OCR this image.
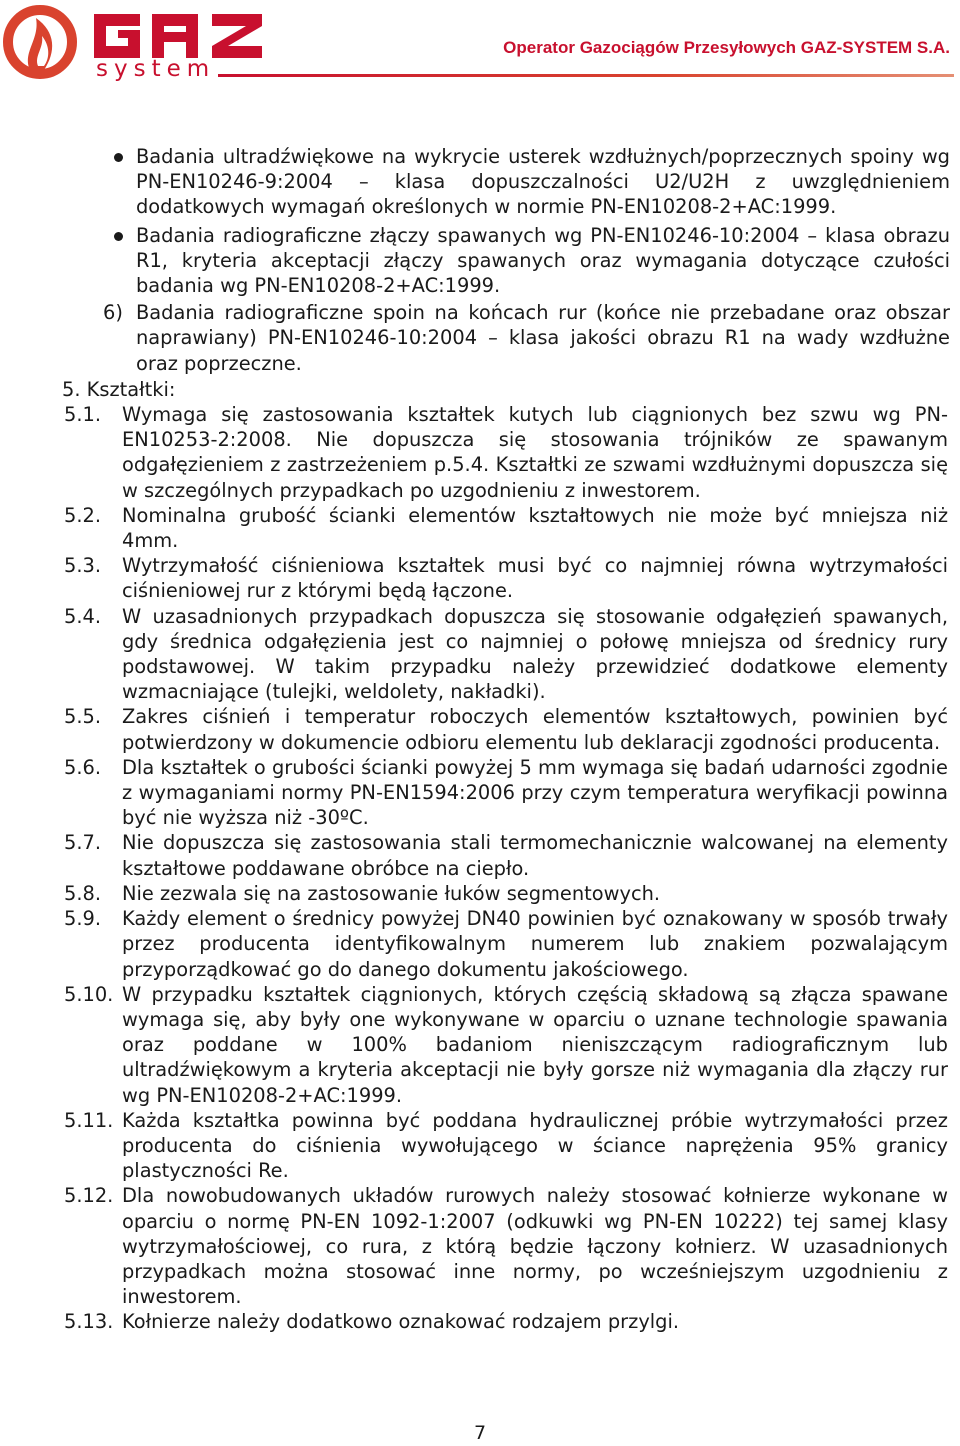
system
Operator Gazociągów Przesyłowych GAZ-SYSTEM S.A.
Badania ultradźwiękowe na wykrycie usterek wzdłużnych/poprzecznych spoiny wg PN-EN10246-9:2004 – klasa dopuszczalności U2/U2H z uwzględnieniem dodatkowych wymagań określonych w normie PN-EN10208-2+AC:1999.
Badania radiograficzne złączy spawanych wg PN-EN10246-10:2004 – klasa obrazu R1, kryteria akceptacji złączy spawanych oraz wymagania dotyczące czułości badania wg PN-EN10208-2+AC:1999.
6) Badania radiograficzne spoin na końcach rur (końce nie przebadane oraz obszar naprawiany) PN-EN10246-10:2004 – klasa jakości obrazu R1 na wady wzdłużne oraz poprzeczne.
5. Kształtki:
5.1. Wymaga się zastosowania kształtek kutych lub ciągnionych bez szwu wg PN-EN10253-2:2008. Nie dopuszcza się stosowania trójników ze spawanym odgałęzieniem z zastrzeżeniem p.5.4. Kształtki ze szwami wzdłużnymi dopuszcza się w szczególnych przypadkach po uzgodnieniu z inwestorem.
5.2. Nominalna grubość ścianki elementów kształtowych nie może być mniejsza niż 4mm.
5.3. Wytrzymałość ciśnieniowa kształtek musi być co najmniej równa wytrzymałości ciśnieniowej rur z którymi będą łączone.
5.4. W uzasadnionych przypadkach dopuszcza się stosowanie odgałęzień spawanych, gdy średnica odgałęzienia jest co najmniej o połowę mniejsza od średnicy rury podstawowej. W takim przypadku należy przewidzieć dodatkowe elementy wzmacniające (tulejki, weldolety, nakładki).
5.5. Zakres ciśnień i temperatur roboczych elementów kształtowych, powinien być potwierdzony w dokumencie odbioru elementu lub deklaracji zgodności producenta.
5.6. Dla kształtek o grubości ścianki powyżej 5 mm wymaga się badań udarności zgodnie z wymaganiami normy PN-EN1594:2006 przy czym temperatura weryfikacji powinna być nie wyższa niż -30ºC.
5.7. Nie dopuszcza się zastosowania stali termomechanicznie walcowanej na elementy kształtowe poddawane obróbce na ciepło.
5.8. Nie zezwala się na zastosowanie łuków segmentowych.
5.9. Każdy element o średnicy powyżej DN40 powinien być oznakowany w sposób trwały przez producenta identyfikowalnym numerem lub znakiem pozwalającym przyporządkować go do danego dokumentu jakościowego.
5.10. W przypadku kształtek ciągnionych, których częścią składową są złącza spawane wymaga się, aby były one wykonywane w oparciu o uznane technologie spawania oraz poddane w 100% badaniom nieniszczącym radiograficznym lub ultradźwiękowym a kryteria akceptacji nie były gorsze niż wymagania dla złączy rur wg PN-EN10208-2+AC:1999.
5.11. Każda kształtka powinna być poddana hydraulicznej próbie wytrzymałości przez producenta do ciśnienia wywołującego w ściance naprężenia 95% granicy plastyczności Re.
5.12. Dla nowobudowanych układów rurowych należy stosować kołnierze wykonane w oparciu o normę PN-EN 1092-1:2007 (odkuwki wg PN-EN 10222) tej samej klasy wytrzymałościowej, co rura, z którą będzie łączony kołnierz. W uzasadnionych przypadkach można stosować inne normy, po wcześniejszym uzgodnieniu z inwestorem.
5.13. Kołnierze należy dodatkowo oznakować rodzajem przylgi.
7
